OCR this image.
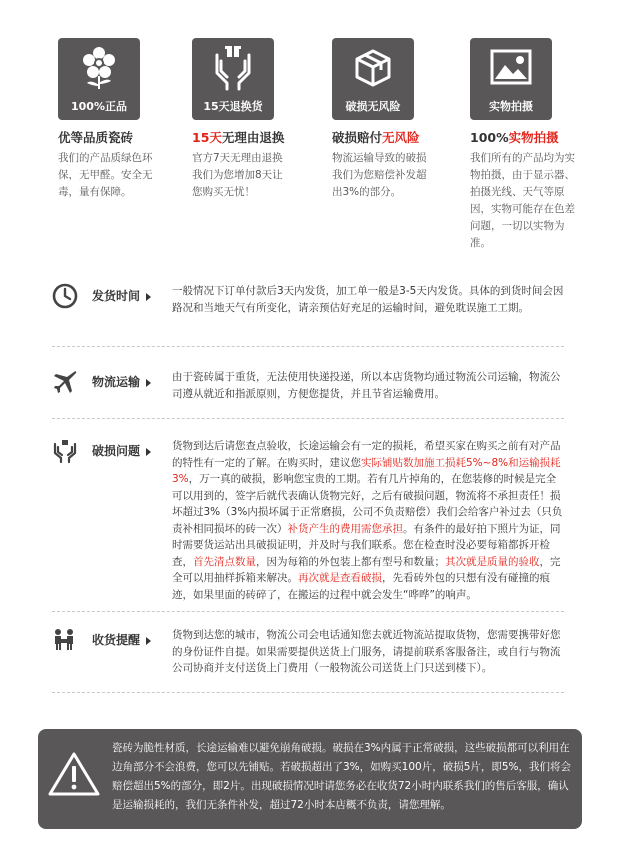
100%正品
优等品质瓷砖
我们的产品质绿色环保，无甲醛。安全无毒，量有保障。
15天退换货
15天无理由退换
官方7天无理由退换我们为您增加8天让您购买无忧！
破损无风险
破损赔付无风险
物流运输导致的破损我们为您赔偿补发超出3%的部分。
实物拍摄
100%实物拍摄
我们所有的产品均为实物拍摄，由于显示器、拍摄光线、天气等原因，实物可能存在色差问题，一切以实物为准。
发货时间	一般情况下订单付款后3天内发货，加工单一般是3-5天内发货。具体的到货时间会因路况和当地天气有所变化，请亲预估好充足的运输时间，避免耽误施工工期。
物流运输	由于瓷砖属于重货，无法使用快递投递，所以本店货物均通过物流公司运输，物流公司遵从就近和指派原则，方便您提货，并且节省运输费用。
破损问题	货物到达后请您查点验收，长途运输会有一定的损耗，希望买家在购买之前有对产品的特性有一定的了解。在购买时，建议您实际铺贴数加施工损耗5%~8%和运输损耗3%，万一真的破损，影响您宝贵的工期。若有几片掉角的，在您装修的时候是完全可以用到的，签字后就代表确认货物完好，之后有破损问题，物流将不承担责任！损坏超过3%（3%内损坏属于正常磨损，公司不负责赔偿）我们会给客户补过去（只负责补相同损坏的砖一次）补货产生的费用需您承担。有条件的最好拍下照片为证，同时需要货运站出具破损证明，并及时与我们联系。您在检查时没必要每箱都拆开检查，首先清点数量，因为每箱的外包装上都有型号和数量；其次就是质量的验收，完全可以用抽样拆箱来解决。再次就是查看破损，先看砖外包的只想有没有碰撞的痕迹，如果里面的砖碎了，在搬运的过程中就会发生“哗哗”的响声。
收货提醒	货物到达您的城市，物流公司会电话通知您去就近物流站提取货物，您需要携带好您的身份证件自提。如果需要提供送货上门服务，请提前联系客服备注，或自行与物流公司协商并支付送货上门费用（一般物流公司送货上门只送到楼下）。
瓷砖为脆性材质，长途运输难以避免崩角破损。破损在3%内属于正常破损，这些破损都可以利用在边角部分不会浪费，您可以先铺贴。若破损超出了3%，如购买100片，破损5片，即5%，我们将会赔偿超出5%的部分，即2片。出现破损情况时请您务必在收货72小时内联系我们的售后客服，确认是运输损耗的，我们无条件补发，超过72小时本店概不负责，请您理解。
